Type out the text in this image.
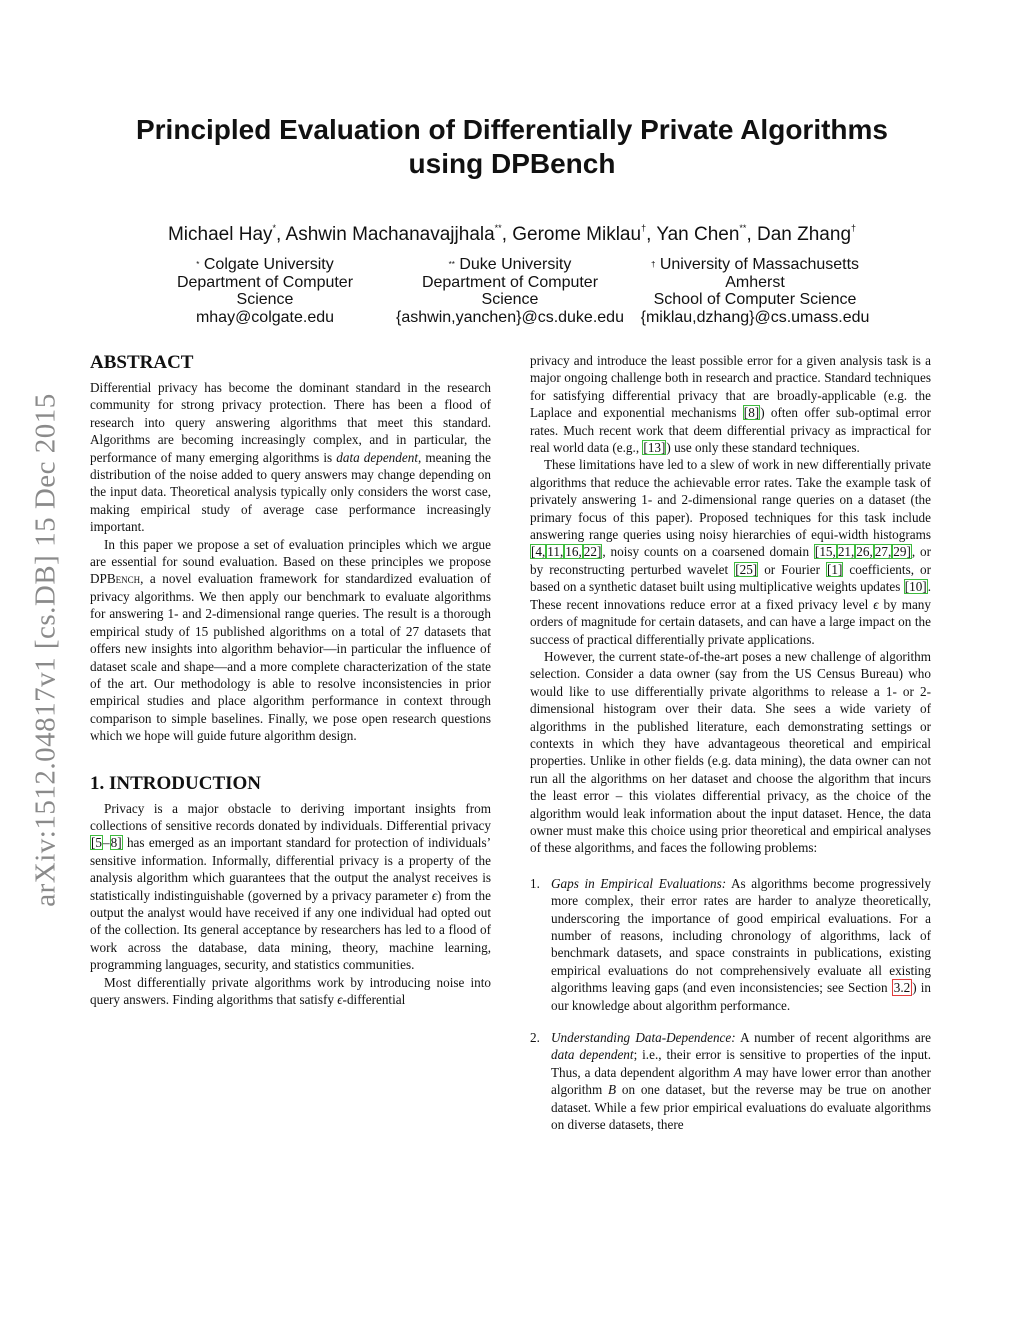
arXiv:1512.04817v1 [cs.DB] 15 Dec 2015
Principled Evaluation of Differentially Private Algorithms
using DPBench
Michael Hay*, Ashwin Machanavajjhala**, Gerome Miklau†, Yan Chen**, Dan Zhang†
* Colgate University
Department of Computer
Science
mhay@colgate.edu
** Duke University
Department of Computer
Science
{ashwin,yanchen}@cs.duke.edu
† University of Massachusetts
Amherst
School of Computer Science
{miklau,dzhang}@cs.umass.edu
ABSTRACT

Differential privacy has become the dominant standard in the research community for strong privacy protection. There has been a flood of research into query answering algorithms that meet this standard. Algorithms are becoming increasingly complex, and in particular, the performance of many emerging algorithms is data dependent, meaning the distribution of the noise added to query answers may change depending on the input data. Theoretical analysis typically only considers the worst case, making empirical study of average case performance increasingly important.

In this paper we propose a set of evaluation principles which we argue are essential for sound evaluation. Based on these principles we propose DPBench, a novel evaluation framework for standardized evaluation of privacy algorithms. We then apply our benchmark to evaluate algorithms for answering 1- and 2-dimensional range queries. The result is a thorough empirical study of 15 published algorithms on a total of 27 datasets that offers new insights into algorithm behavior—in particular the influence of dataset scale and shape—and a more complete characterization of the state of the art. Our methodology is able to resolve inconsistencies in prior empirical studies and place algorithm performance in context through comparison to simple baselines. Finally, we pose open research questions which we hope will guide future algorithm design.

1. INTRODUCTION

Privacy is a major obstacle to deriving important insights from collections of sensitive records donated by individuals. Differential privacy [5–8] has emerged as an important standard for protection of individuals’ sensitive information. Informally, differential privacy is a property of the analysis algorithm which guarantees that the output the analyst receives is statistically indistinguishable (governed by a privacy parameter ϵ) from the output the analyst would have received if any one individual had opted out of the collection. Its general acceptance by researchers has led to a flood of work across the database, data mining, theory, machine learning, programming languages, security, and statistics communities.

Most differentially private algorithms work by introducing noise into query answers. Finding algorithms that satisfy ϵ-differential

privacy and introduce the least possible error for a given analysis task is a major ongoing challenge both in research and practice. Standard techniques for satisfying differential privacy that are broadly-applicable (e.g. the Laplace and exponential mechanisms [8]) often offer sub-optimal error rates. Much recent work that deem differential privacy as impractical for real world data (e.g., [13]) use only these standard techniques.

These limitations have led to a slew of work in new differentially private algorithms that reduce the achievable error rates. Take the example task of privately answering 1- and 2-dimensional range queries on a dataset (the primary focus of this paper). Proposed techniques for this task include answering range queries using noisy hierarchies of equi-width histograms [4, 11, 16, 22], noisy counts on a coarsened domain [15, 21, 26, 27, 29], or by reconstructing perturbed wavelet [25] or Fourier [1] coefficients, or based on a synthetic dataset built using multiplicative weights updates [10]. These recent innovations reduce error at a fixed privacy level ϵ by many orders of magnitude for certain datasets, and can have a large impact on the success of practical differentially private applications.

However, the current state-of-the-art poses a new challenge of algorithm selection. Consider a data owner (say from the US Census Bureau) who would like to use differentially private algorithms to release a 1- or 2- dimensional histogram over their data. She sees a wide variety of algorithms in the published literature, each demonstrating settings or contexts in which they have advantageous theoretical and empirical properties. Unlike in other fields (e.g. data mining), the data owner can not run all the algorithms on her dataset and choose the algorithm that incurs the least error – this violates differential privacy, as the choice of the algorithm would leak information about the input dataset. Hence, the data owner must make this choice using prior theoretical and empirical analyses of these algorithms, and faces the following problems:

1. Gaps in Empirical Evaluations: As algorithms become progressively more complex, their error rates are harder to analyze theoretically, underscoring the importance of good empirical evaluations. For a number of reasons, including chronology of algorithms, lack of benchmark datasets, and space constraints in publications, existing empirical evaluations do not comprehensively evaluate all existing algorithms leaving gaps (and even inconsistencies; see Section 3.2 ) in our knowledge about algorithm performance.
2. Understanding Data-Dependence: A number of recent algorithms are data dependent; i.e., their error is sensitive to properties of the input. Thus, a data dependent algorithm A may have lower error than another algorithm B on one dataset, but the reverse may be true on another dataset. While a few prior empirical evaluations do evaluate algorithms on diverse datasets, there
